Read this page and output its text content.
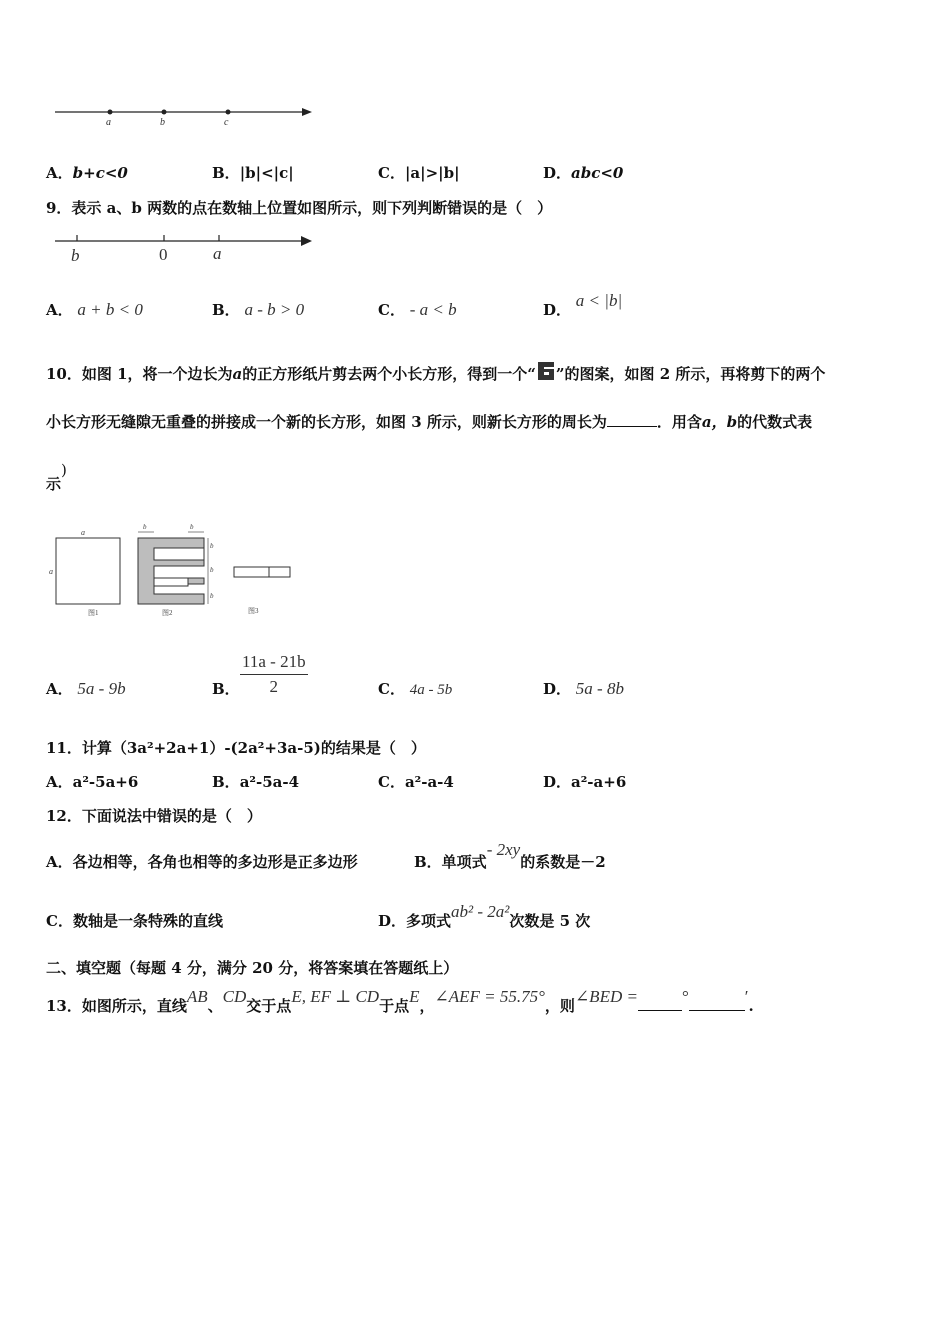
a	b	c
A．b+c<0	B．|b|<|c|	C．|a|>|b|	D．abc<0
9．表示 a、b 两数的点在数轴上位置如图所示，则下列判断错误的是（　）
b	0	a
A． a + b < 0	B． a - b > 0	C． - a < b	D． a < |b|
10．如图 1，将一个边长为a的正方形纸片剪去两个小长方形，得到一个“ ”的图案，如图 2 所示，再将剪下的两个
小长方形无缝隙无重叠的拼接成一个新的长方形，如图 3 所示，则新长方形的周长为	．用含a，b的代数式表
示)
a
a
图1
b	b
b
b
b
图2	图3
A． 5a - 9b	B． $\frac{11a - 21b}{2}$	C． 4a - 5b	D． 5a - 8b
11．计算（3a²+2a+1）-(2a²+3a-5)的结果是（　）
A．a²-5a+6	B．a²-5a-4	C．a²-a-4	D．a²-a+6
12．下面说法中错误的是（　）
A．各边相等，各角也相等的多边形是正多边形	B．单项式- 2xy的系数是－2
C．数轴是一条特殊的直线	D．多项式ab² - 2a²次数是 5 次
二、填空题（每题 4 分，满分 20 分，将答案填在答题纸上）
13．如图所示，直线AB、CD交于点E, EF ⊥ CD于点E，∠AEF = 55.75°，则∠BED =	°	′.
